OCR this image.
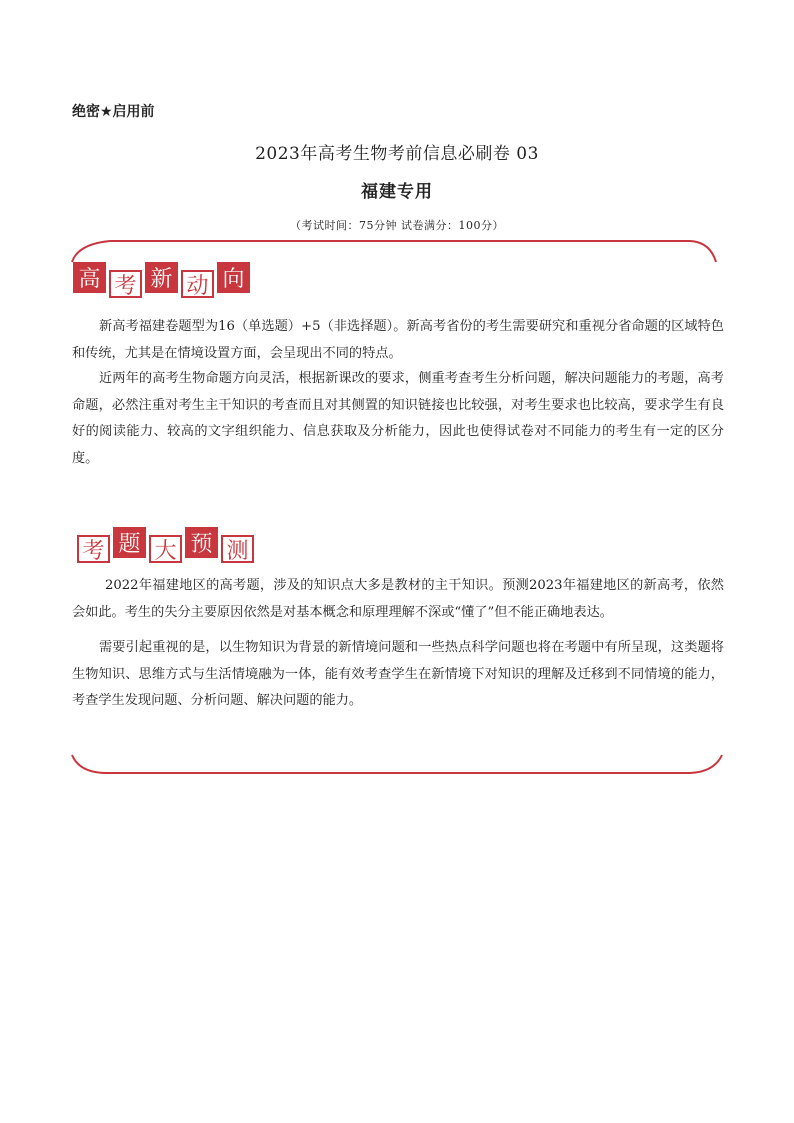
绝密★启用前
2023年高考生物考前信息必刷卷 03
福建专用
（考试时间：75分钟 试卷满分：100分）
高 考 新 动 向

新高考福建卷题型为16（单选题）+5（非选择题）。新高考省份的考生需要研究和重视分省命题的区域特色和传统，尤其是在情境设置方面，会呈现出不同的特点。

近两年的高考生物命题方向灵活，根据新课改的要求，侧重考查考生分析问题，解决问题能力的考题，高考命题，必然注重对考生主干知识的考查而且对其侧置的知识链接也比较强，对考生要求也比较高，要求学生有良好的阅读能力、较高的文字组织能力、信息获取及分析能力，因此也使得试卷对不同能力的考生有一定的区分度。

考 题 大 预 测

2022年福建地区的高考题，涉及的知识点大多是教材的主干知识。预测2023年福建地区的新高考，依然会如此。考生的失分主要原因依然是对基本概念和原理理解不深或“懂了”但不能正确地表达。

需要引起重视的是，以生物知识为背景的新情境问题和一些热点科学问题也将在考题中有所呈现，这类题将生物知识、思维方式与生活情境融为一体，能有效考查学生在新情境下对知识的理解及迁移到不同情境的能力，考查学生发现问题、分析问题、解决问题的能力。
